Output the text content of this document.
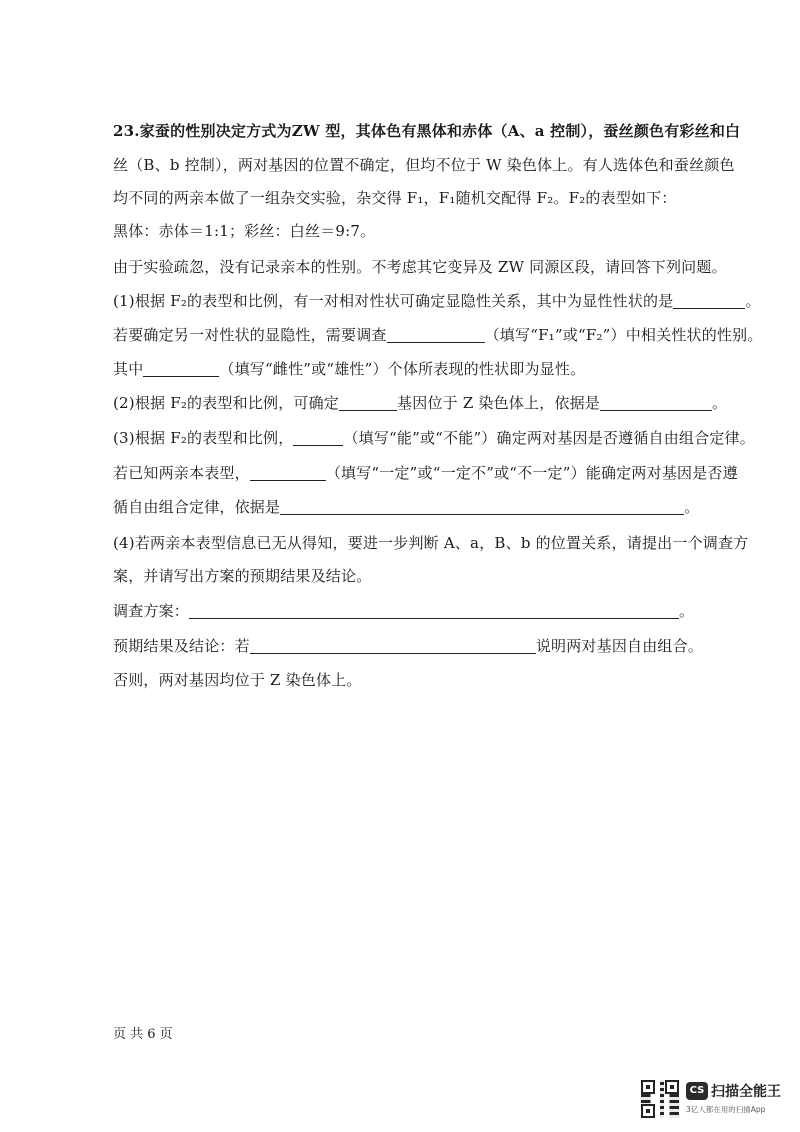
23.家蚕的性别决定方式为ZW 型，其体色有黑体和赤体（A、a 控制），蚕丝颜色有彩丝和白
丝（B、b 控制），两对基因的位置不确定，但均不位于 W 染色体上。有人选体色和蚕丝颜色
均不同的两亲本做了一组杂交实验，杂交得 F₁，F₁随机交配得 F₂。F₂的表型如下：
黑体：赤体＝1:1；彩丝：白丝＝9:7。
由于实验疏忽，没有记录亲本的性别。不考虑其它变异及 ZW 同源区段，请回答下列问题。
(1)根据 F₂的表型和比例，有一对相对性状可确定显隐性关系，其中为显性性状的是	。
若要确定另一对性状的显隐性，需要调查	（填写“F₁”或“F₂”）中相关性状的性别。
其中	（填写“雌性”或“雄性”）个体所表现的性状即为显性。
(2)根据 F₂的表型和比例，可确定	基因位于 Z 染色体上，依据是	。
(3)根据 F₂的表型和比例，	（填写“能”或“不能”）确定两对基因是否遵循自由组合定律。
若已知两亲本表型，	（填写“一定”或“一定不”或“不一定”）能确定两对基因是否遵
循自由组合定律，依据是	。
(4)若两亲本表型信息已无从得知，要进一步判断 A、a，B、b 的位置关系，请提出一个调查方
案，并请写出方案的预期结果及结论。
调查方案：	。
预期结果及结论：若	说明两对基因自由组合。
否则，两对基因均位于 Z 染色体上。
页 共 6 页
CS 扫描全能王
3亿人都在用的扫描App
